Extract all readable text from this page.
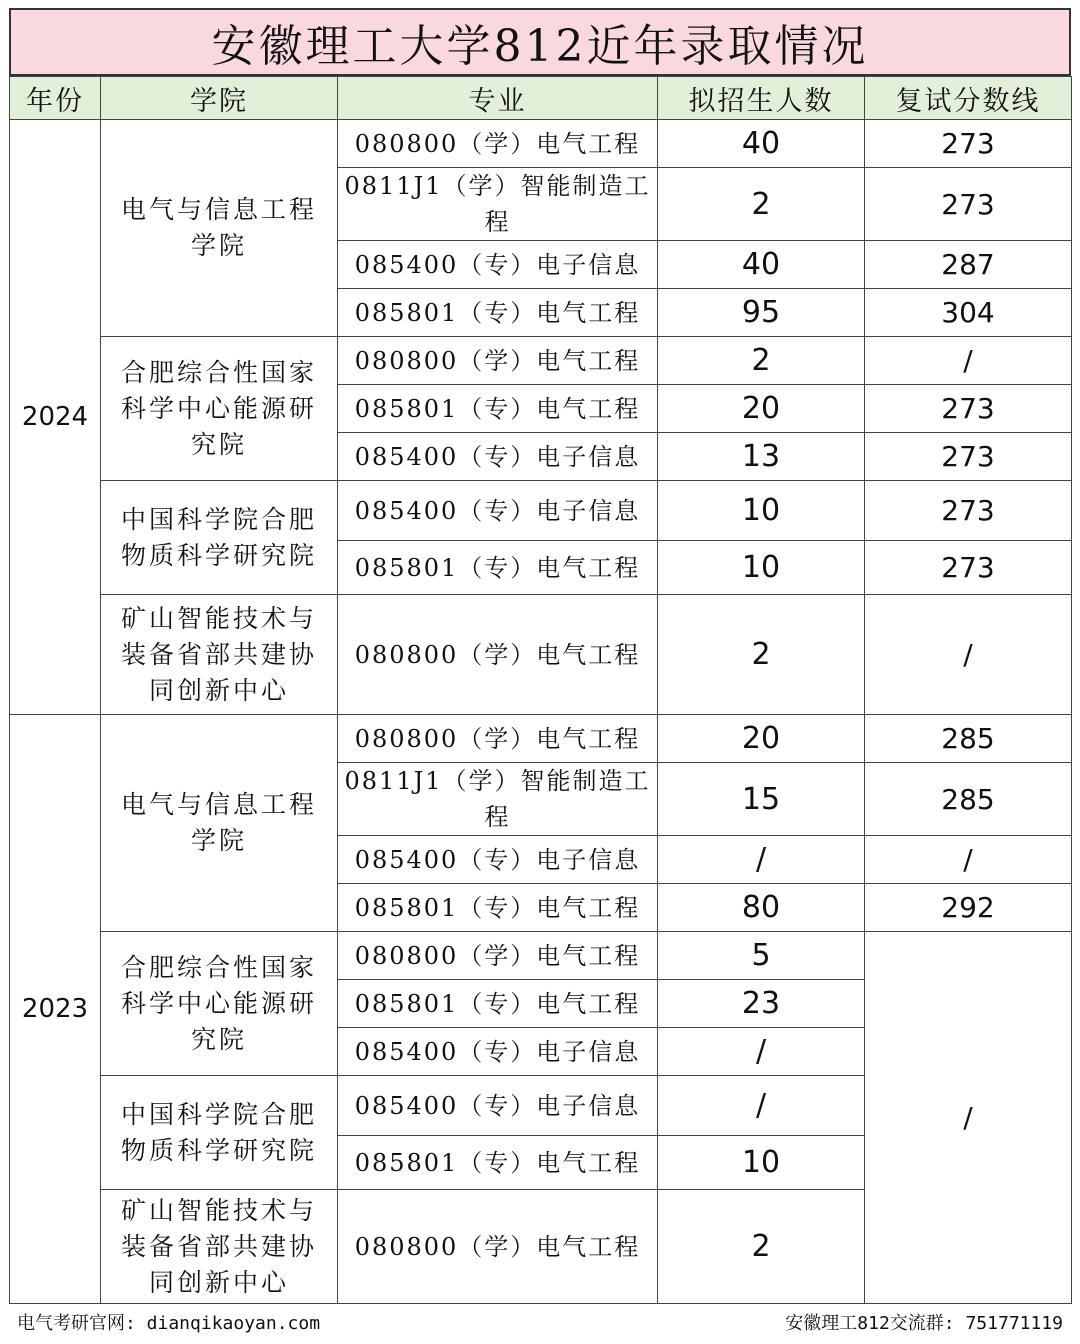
安徽理工大学812近年录取情况
年份	学院	专业	拟招生人数	复试分数线
2024	电气与信息工程学院	080800（学）电气工程	40	273
		0811J1（学）智能制造工程	2	273
		085400（专）电子信息	40	287
		085801（专）电气工程	95	304
	合肥综合性国家科学中心能源研究院	080800（学）电气工程	2	/
		085801（专）电气工程	20	273
		085400（专）电子信息	13	273
	中国科学院合肥物质科学研究院	085400（专）电子信息	10	273
		085801（专）电气工程	10	273
	矿山智能技术与装备省部共建协同创新中心	080800（学）电气工程	2	/
2023	电气与信息工程学院	080800（学）电气工程	20	285
		0811J1（学）智能制造工程	15	285
		085400（专）电子信息	/	/
		085801（专）电气工程	80	292
	合肥综合性国家科学中心能源研究院	080800（学）电气工程	5	/
		085801（专）电气工程	23	
		085400（专）电子信息	/	
	中国科学院合肥物质科学研究院	085400（专）电子信息	/	
		085801（专）电气工程	10	
	矿山智能技术与装备省部共建协同创新中心	080800（学）电气工程	2	
电气考研官网: dianqikaoyan.com	安徽理工812交流群: 751771119
